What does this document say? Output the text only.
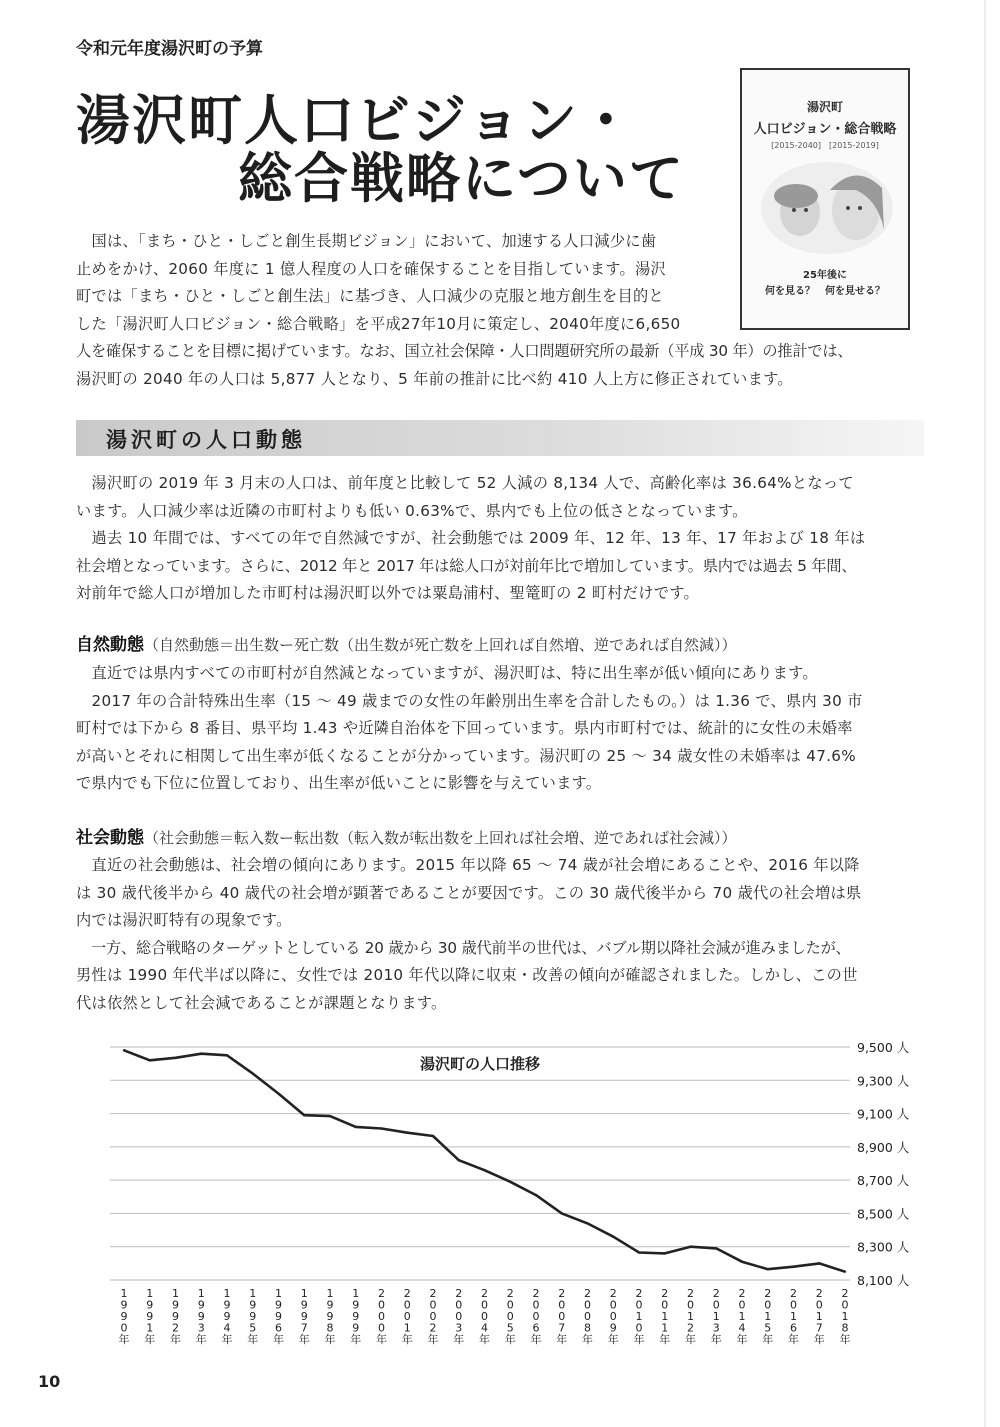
令和元年度湯沢町の予算
湯沢町人口ビジョン・
総合戦略について
湯沢町
人口ビジョン・総合戦略
[2015-2040]　[2015-2019]
25年後に
何を見る？　何を見せる？

　国は、「まち・ひと・しごと創生長期ビジョン」において、加速する人口減少に歯

止めをかけ、2060 年度に 1 億人程度の人口を確保することを目指しています。湯沢

町では「まち・ひと・しごと創生法」に基づき、人口減少の克服と地方創生を目的と

した「湯沢町人口ビジョン・総合戦略」を平成27年10月に策定し、2040年度に6,650

人を確保することを目標に掲げています。なお、国立社会保障・人口問題研究所の最新（平成 30 年）の推計では、

湯沢町の 2040 年の人口は 5,877 人となり、5 年前の推計に比べ約 410 人上方に修正されています。

湯沢町の人口動態

　湯沢町の 2019 年 3 月末の人口は、前年度と比較して 52 人減の 8,134 人で、高齢化率は 36.64%となって

います。人口減少率は近隣の市町村よりも低い 0.63%で、県内でも上位の低さとなっています。

　過去 10 年間では、すべての年で自然減ですが、社会動態では 2009 年、12 年、13 年、17 年および 18 年は

社会増となっています。さらに、2012 年と 2017 年は総人口が対前年比で増加しています。県内では過去 5 年間、

対前年で総人口が増加した市町村は湯沢町以外では粟島浦村、聖篭町の 2 町村だけです。

自然動態（自然動態＝出生数ー死亡数（出生数が死亡数を上回れば自然増、逆であれば自然減））

　直近では県内すべての市町村が自然減となっていますが、湯沢町は、特に出生率が低い傾向にあります。

　2017 年の合計特殊出生率（15 ～ 49 歳までの女性の年齢別出生率を合計したもの。）は 1.36 で、県内 30 市

町村では下から 8 番目、県平均 1.43 や近隣自治体を下回っています。県内市町村では、統計的に女性の未婚率

が高いとそれに相関して出生率が低くなることが分かっています。湯沢町の 25 ～ 34 歳女性の未婚率は 47.6%

で県内でも下位に位置しており、出生率が低いことに影響を与えています。

社会動態（社会動態＝転入数ー転出数（転入数が転出数を上回れば社会増、逆であれば社会減））

　直近の社会動態は、社会増の傾向にあります。2015 年以降 65 ～ 74 歳が社会増にあることや、2016 年以降

は 30 歳代後半から 40 歳代の社会増が顕著であることが要因です。この 30 歳代後半から 70 歳代の社会増は県

内では湯沢町特有の現象です。

　一方、総合戦略のターゲットとしている 20 歳から 30 歳代前半の世代は、バブル期以降社会減が進みましたが、

男性は 1990 年代半ば以降に、女性では 2010 年代以降に収束・改善の傾向が確認されました。しかし、この世

代は依然として社会減であることが課題となります。

8,100 人
8,300 人
8,500 人
8,700 人
8,900 人
9,100 人
9,300 人
9,500 人
湯沢町の人口推移
1 9 9 0 年
1 9 9 1 年
1 9 9 2 年
1 9 9 3 年
1 9 9 4 年
1 9 9 5 年
1 9 9 6 年
1 9 9 7 年
1 9 9 8 年
1 9 9 9 年
2 0 0 0 年
2 0 0 1 年
2 0 0 2 年
2 0 0 3 年
2 0 0 4 年
2 0 0 5 年
2 0 0 6 年
2 0 0 7 年
2 0 0 8 年
2 0 0 9 年
2 0 1 0 年
2 0 1 1 年
2 0 1 2 年
2 0 1 3 年
2 0 1 4 年
2 0 1 5 年
2 0 1 6 年
2 0 1 7 年
2 0 1 8 年
10
